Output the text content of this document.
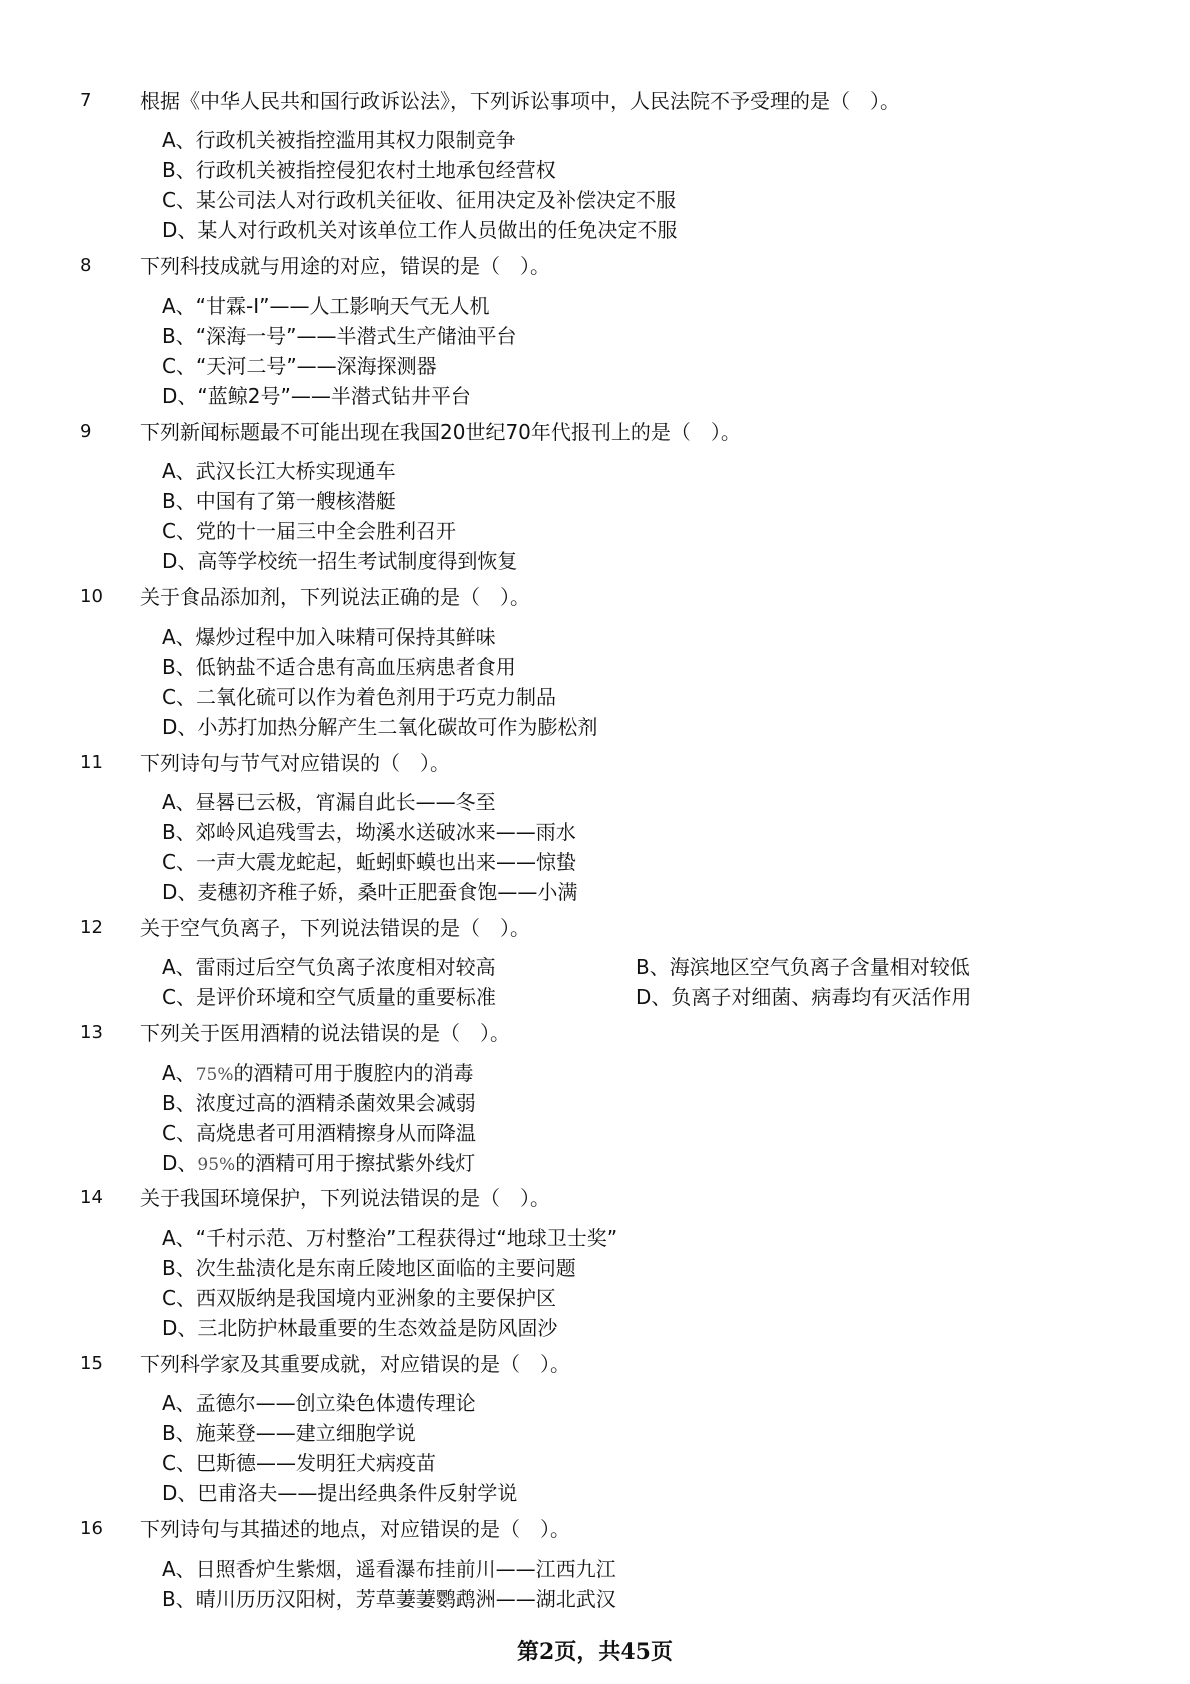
7 根据《中华人民共和国行政诉讼法》，下列诉讼事项中，人民法院不予受理的是（　）。
A、行政机关被指控滥用其权力限制竞争
B、行政机关被指控侵犯农村土地承包经营权
C、某公司法人对行政机关征收、征用决定及补偿决定不服
D、某人对行政机关对该单位工作人员做出的任免决定不服
8 下列科技成就与用途的对应，错误的是（　）。
A、“甘霖-Ⅰ”——人工影响天气无人机
B、“深海一号”——半潜式生产储油平台
C、“天河二号”——深海探测器
D、“蓝鲸2号”——半潜式钻井平台
9 下列新闻标题最不可能出现在我国20世纪70年代报刊上的是（　）。
A、武汉长江大桥实现通车
B、中国有了第一艘核潜艇
C、党的十一届三中全会胜利召开
D、高等学校统一招生考试制度得到恢复
10 关于食品添加剂，下列说法正确的是（　）。
A、爆炒过程中加入味精可保持其鲜味
B、低钠盐不适合患有高血压病患者食用
C、二氧化硫可以作为着色剂用于巧克力制品
D、小苏打加热分解产生二氧化碳故可作为膨松剂
11 下列诗句与节气对应错误的（　）。
A、昼晷已云极，宵漏自此长——冬至
B、郊岭风追残雪去，坳溪水送破冰来——雨水
C、一声大震龙蛇起，蚯蚓虾蟆也出来——惊蛰
D、麦穗初齐稚子娇，桑叶正肥蚕食饱——小满
12 关于空气负离子，下列说法错误的是（　）。
A、雷雨过后空气负离子浓度相对较高	B、海滨地区空气负离子含量相对较低
C、是评价环境和空气质量的重要标准	D、负离子对细菌、病毒均有灭活作用
13 下列关于医用酒精的说法错误的是（　）。
A、75%的酒精可用于腹腔内的消毒
B、浓度过高的酒精杀菌效果会减弱
C、高烧患者可用酒精擦身从而降温
D、95%的酒精可用于擦拭紫外线灯
14 关于我国环境保护，下列说法错误的是（　）。
A、“千村示范、万村整治”工程获得过“地球卫士奖”
B、次生盐渍化是东南丘陵地区面临的主要问题
C、西双版纳是我国境内亚洲象的主要保护区
D、三北防护林最重要的生态效益是防风固沙
15 下列科学家及其重要成就，对应错误的是（　）。
A、孟德尔——创立染色体遗传理论
B、施莱登——建立细胞学说
C、巴斯德——发明狂犬病疫苗
D、巴甫洛夫——提出经典条件反射学说
16 下列诗句与其描述的地点，对应错误的是（　）。
A、日照香炉生紫烟，遥看瀑布挂前川——江西九江
B、晴川历历汉阳树，芳草萋萋鹦鹉洲——湖北武汉
第2页，共45页
